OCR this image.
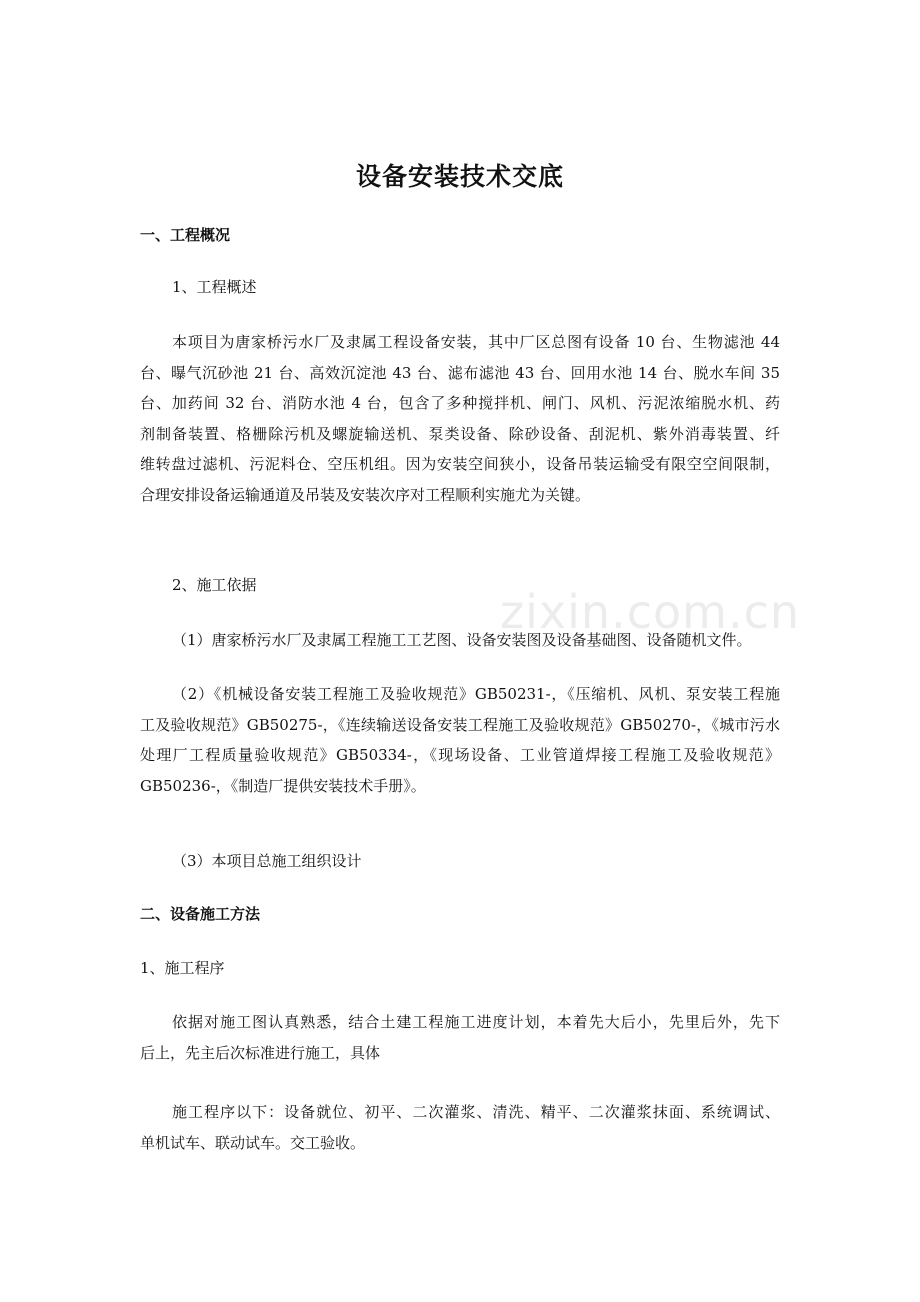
zixin.com.cn
设备安装技术交底
一、工程概况
1、工程概述
本项目为唐家桥污水厂及隶属工程设备安装，其中厂区总图有设备 10 台、生物滤池 44
台、曝气沉砂池 21 台、高效沉淀池 43 台、滤布滤池 43 台、回用水池 14 台、脱水车间 35
台、加药间 32 台、消防水池 4 台，包含了多种搅拌机、闸门、风机、污泥浓缩脱水机、药
剂制备装置、格栅除污机及螺旋输送机、泵类设备、除砂设备、刮泥机、紫外消毒装置、纤
维转盘过滤机、污泥料仓、空压机组。因为安装空间狭小，设备吊装运输受有限空空间限制，
合理安排设备运输通道及吊装及安装次序对工程顺利实施尤为关键。
2、施工依据
（1）唐家桥污水厂及隶属工程施工工艺图、设备安装图及设备基础图、设备随机文件。
（2）《机械设备安装工程施工及验收规范》GB50231-，《压缩机、风机、泵安装工程施
工及验收规范》GB50275-，《连续输送设备安装工程施工及验收规范》GB50270-，《城市污水
处理厂工程质量验收规范》GB50334-，《现场设备、工业管道焊接工程施工及验收规范》
GB50236-，《制造厂提供安装技术手册》。
（3）本项目总施工组织设计
二、设备施工方法
1、施工程序
依据对施工图认真熟悉，结合土建工程施工进度计划，本着先大后小，先里后外，先下
后上，先主后次标准进行施工，具体
施工程序以下：设备就位、初平、二次灌浆、清洗、精平、二次灌浆抹面、系统调试、
单机试车、联动试车。交工验收。
